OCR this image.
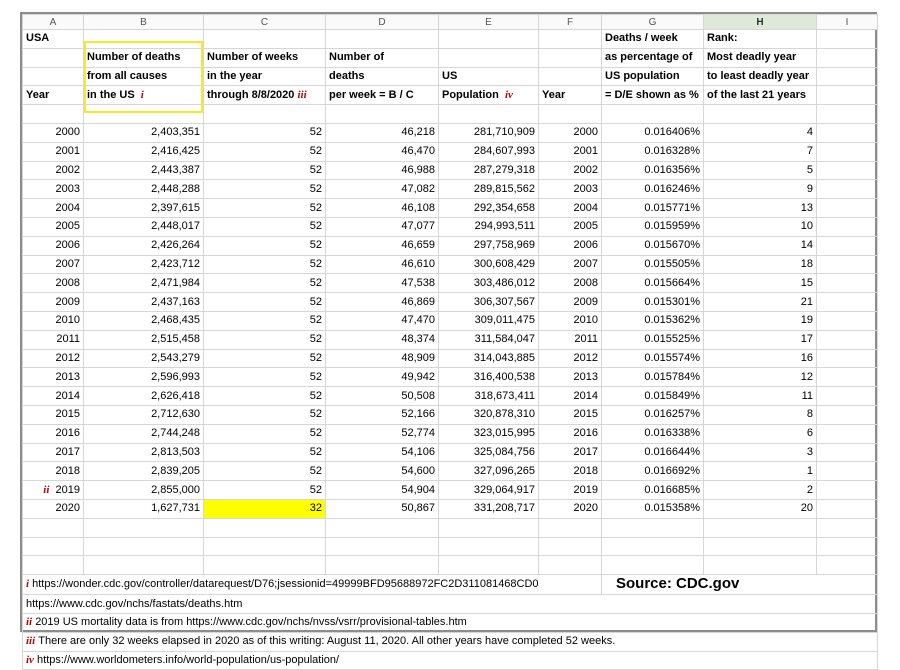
A	B	C	D	E	F	G	H	I
USA						Deaths / week	Rank:	
	Number of deaths	Number of weeks	Number of			as percentage of	Most deadly year	
	from all causes	in the year	deaths	US		US population	to least deadly year	
Year	in the US i	through 8/8/2020 iii	per week = B / C	Population iv	Year	= D/E shown as %	of the last 21 years	

2000	2,403,351	52	46,218	281,710,909	2000	0.016406%	4	
2001	2,416,425	52	46,470	284,607,993	2001	0.016328%	7	
2002	2,443,387	52	46,988	287,279,318	2002	0.016356%	5	
2003	2,448,288	52	47,082	289,815,562	2003	0.016246%	9	
2004	2,397,615	52	46,108	292,354,658	2004	0.015771%	13	
2005	2,448,017	52	47,077	294,993,511	2005	0.015959%	10	
2006	2,426,264	52	46,659	297,758,969	2006	0.015670%	14	
2007	2,423,712	52	46,610	300,608,429	2007	0.015505%	18	
2008	2,471,984	52	47,538	303,486,012	2008	0.015664%	15	
2009	2,437,163	52	46,869	306,307,567	2009	0.015301%	21	
2010	2,468,435	52	47,470	309,011,475	2010	0.015362%	19	
2011	2,515,458	52	48,374	311,584,047	2011	0.015525%	17	
2012	2,543,279	52	48,909	314,043,885	2012	0.015574%	16	
2013	2,596,993	52	49,942	316,400,538	2013	0.015784%	12	
2014	2,626,418	52	50,508	318,673,411	2014	0.015849%	11	
2015	2,712,630	52	52,166	320,878,310	2015	0.016257%	8	
2016	2,744,248	52	52,774	323,015,995	2016	0.016338%	6	
2017	2,813,503	52	54,106	325,084,756	2017	0.016644%	3	
2018	2,839,205	52	54,600	327,096,265	2018	0.016692%	1	
ii 2019	2,855,000	52	54,904	329,064,917	2019	0.016685%	2	
2020	1,627,731	32	50,867	331,208,717	2020	0.015358%	20	

i https://wonder.cdc.gov/controller/datarequest/D76;jsessionid=49999BFD95688972FC2D311081468CD0						Source: CDC.gov		
https://www.cdc.gov/nchs/fastats/deaths.htm								
ii 2019 US mortality data is from https://www.cdc.gov/nchs/nvss/vsrr/provisional-tables.htm								
iii There are only 32 weeks elapsed in 2020 as of this writing: August 11, 2020. All other years have completed 52 weeks.								
iv https://www.worldometers.info/world-population/us-population/								
